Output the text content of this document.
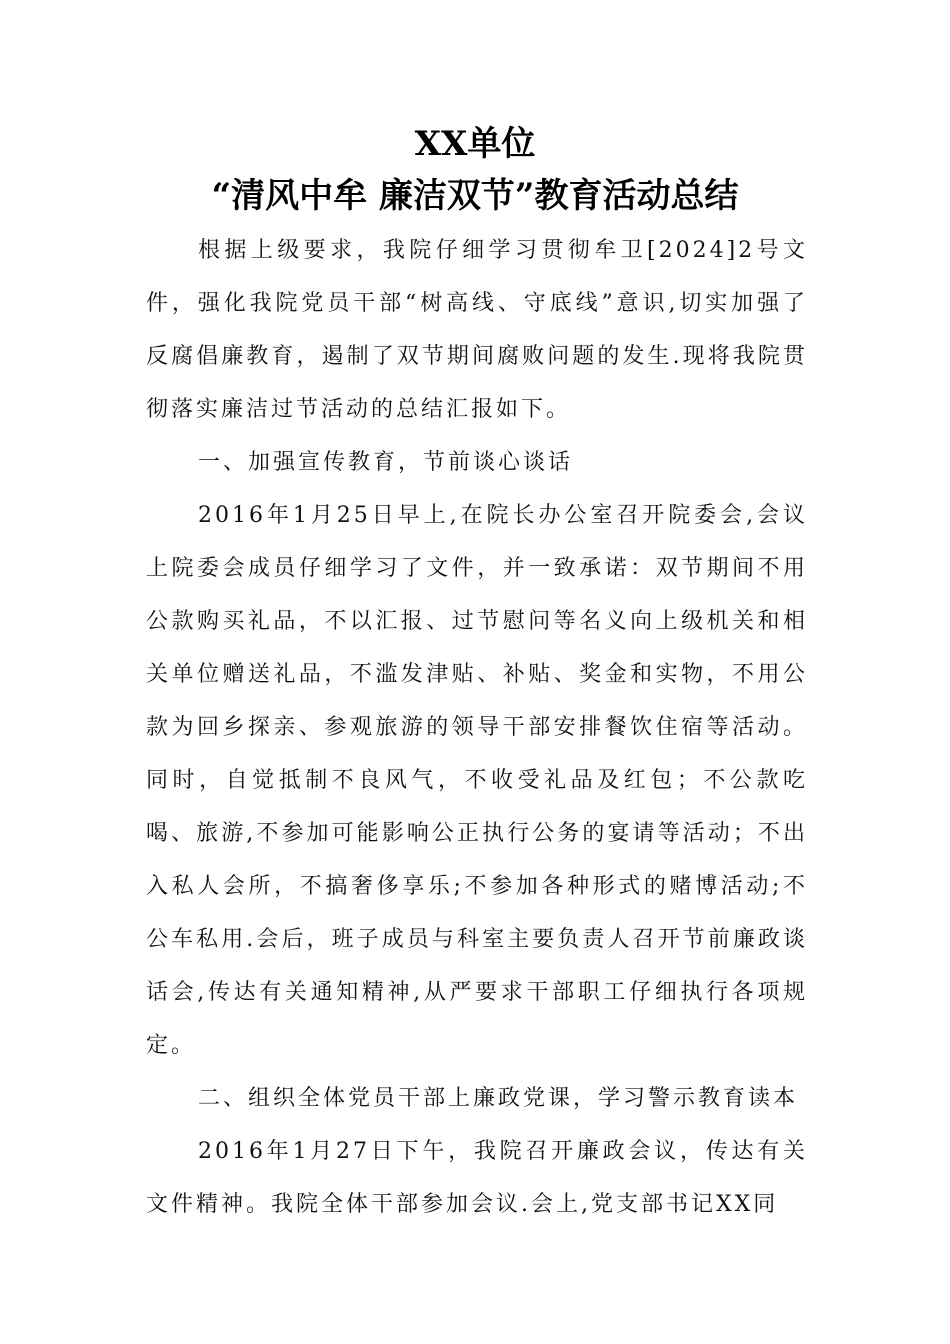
XX单位
“清风中牟 廉洁双节”教育活动总结

根据上级要求，我院仔细学习贯彻牟卫[2024]2号文件，强化我院党员干部“树高线、守底线”意识,切实加强了反腐倡廉教育，遏制了双节期间腐败问题的发生.现将我院贯彻落实廉洁过节活动的总结汇报如下。

一、加强宣传教育，节前谈心谈话

2016年1月25日早上,在院长办公室召开院委会,会议上院委会成员仔细学习了文件，并一致承诺：双节期间不用公款购买礼品，不以汇报、过节慰问等名义向上级机关和相关单位赠送礼品，不滥发津贴、补贴、奖金和实物，不用公款为回乡探亲、参观旅游的领导干部安排餐饮住宿等活动。同时，自觉抵制不良风气，不收受礼品及红包；不公款吃喝、旅游,不参加可能影响公正执行公务的宴请等活动；不出入私人会所，不搞奢侈享乐;不参加各种形式的赌博活动;不公车私用.会后，班子成员与科室主要负责人召开节前廉政谈话会,传达有关通知精神,从严要求干部职工仔细执行各项规定。

二、组织全体党员干部上廉政党课，学习警示教育读本

2016年1月27日下午，我院召开廉政会议，传达有关文件精神。我院全体干部参加会议.会上,党支部书记XX同
